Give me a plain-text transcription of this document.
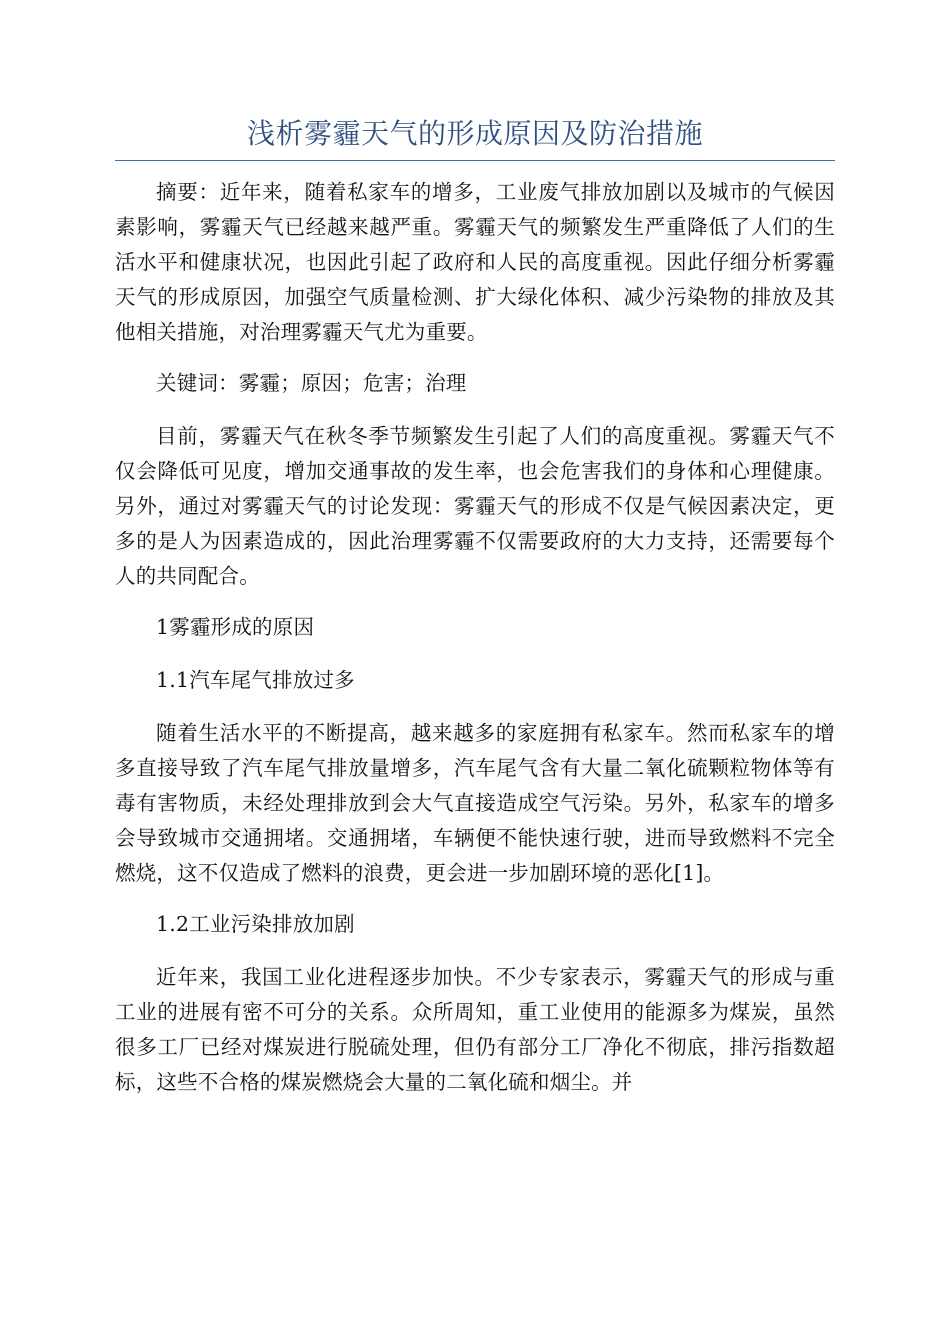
浅析雾霾天气的形成原因及防治措施

摘要：近年来，随着私家车的增多，工业废气排放加剧以及城市的气候因素影响，雾霾天气已经越来越严重。雾霾天气的频繁发生严重降低了人们的生活水平和健康状况，也因此引起了政府和人民的高度重视。因此仔细分析雾霾天气的形成原因，加强空气质量检测、扩大绿化体积、减少污染物的排放及其他相关措施，对治理雾霾天气尤为重要。

关键词：雾霾；原因；危害；治理

目前，雾霾天气在秋冬季节频繁发生引起了人们的高度重视。雾霾天气不仅会降低可见度，增加交通事故的发生率，也会危害我们的身体和心理健康。另外，通过对雾霾天气的讨论发现：雾霾天气的形成不仅是气候因素决定，更多的是人为因素造成的，因此治理雾霾不仅需要政府的大力支持，还需要每个人的共同配合。

1雾霾形成的原因

1.1汽车尾气排放过多

随着生活水平的不断提高，越来越多的家庭拥有私家车。然而私家车的增多直接导致了汽车尾气排放量增多，汽车尾气含有大量二氧化硫颗粒物体等有毒有害物质，未经处理排放到会大气直接造成空气污染。另外，私家车的增多会导致城市交通拥堵。交通拥堵，车辆便不能快速行驶，进而导致燃料不完全燃烧，这不仅造成了燃料的浪费，更会进一步加剧环境的恶化[1]。

1.2工业污染排放加剧

近年来，我国工业化进程逐步加快。不少专家表示，雾霾天气的形成与重工业的进展有密不可分的关系。众所周知，重工业使用的能源多为煤炭，虽然很多工厂已经对煤炭进行脱硫处理，但仍有部分工厂净化不彻底，排污指数超标，这些不合格的煤炭燃烧会大量的二氧化硫和烟尘。并
